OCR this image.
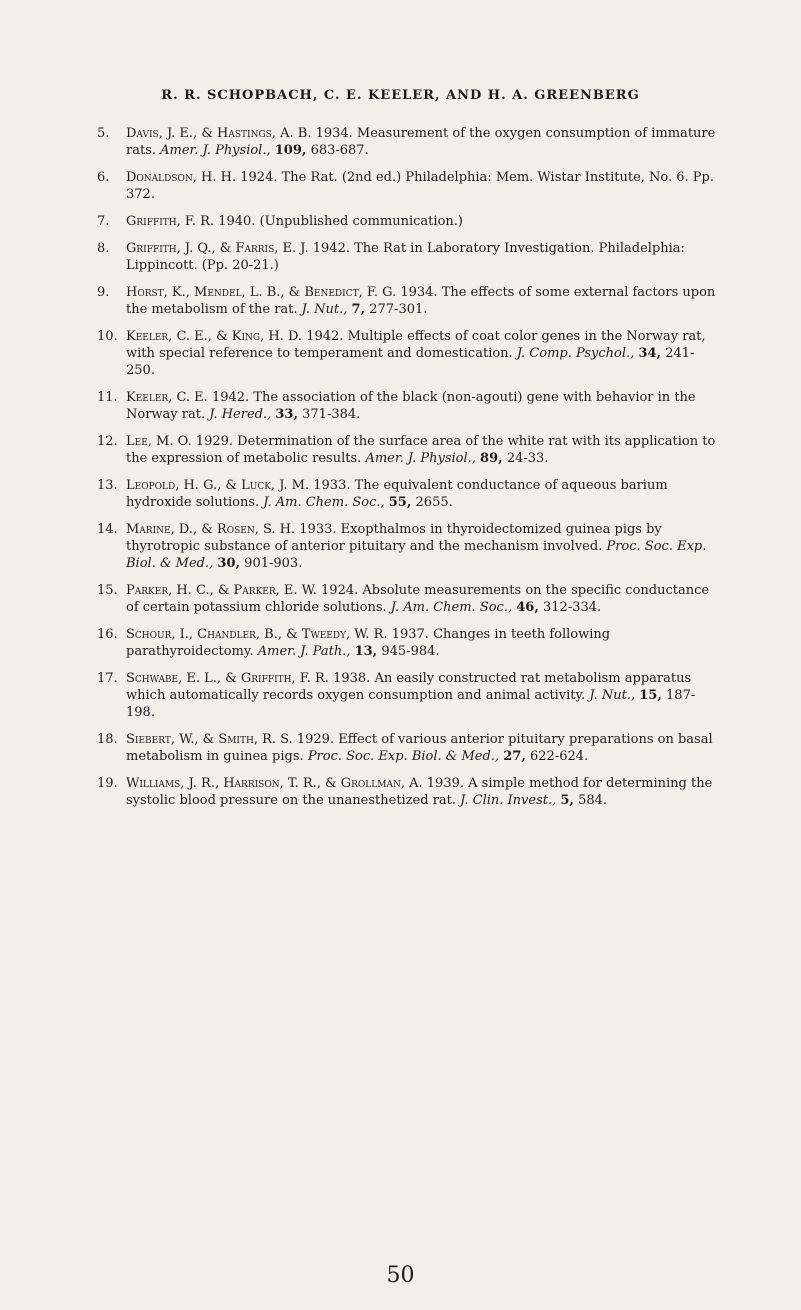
R. R. SCHOPBACH, C. E. KEELER, AND H. A. GREENBERG
5.	Davis, J. E., & Hastings, A. B. 1934. Measurement of the oxygen consumption of immature rats. Amer. J. Physiol., 109, 683-687.
6.	Donaldson, H. H. 1924. The Rat. (2nd ed.) Philadelphia: Mem. Wistar Institute, No. 6. Pp. 372.
7.	Griffith, F. R. 1940. (Unpublished communication.)
8.	Griffith, J. Q., & Farris, E. J. 1942. The Rat in Laboratory Investigation. Philadelphia: Lippincott. (Pp. 20-21.)
9.	Horst, K., Mendel, L. B., & Benedict, F. G. 1934. The effects of some external factors upon the metabolism of the rat. J. Nut., 7, 277-301.
10. Keeler, C. E., & King, H. D. 1942. Multiple effects of coat color genes in the Norway rat, with special reference to temperament and domestication. J. Comp. Psychol., 34, 241-250.
11. Keeler, C. E. 1942. The association of the black (non-agouti) gene with behavior in the Norway rat. J. Hered., 33, 371-384.
12. Lee, M. O. 1929. Determination of the surface area of the white rat with its application to the expression of metabolic results. Amer. J. Physiol., 89, 24-33.
13. Leopold, H. G., & Luck, J. M. 1933. The equivalent conductance of aqueous barium hydroxide solutions. J. Am. Chem. Soc., 55, 2655.
14. Marine, D., & Rosen, S. H. 1933. Exopthalmos in thyroidectomized guinea pigs by thyrotropic substance of anterior pituitary and the mechanism involved. Proc. Soc. Exp. Biol. & Med., 30, 901-903.
15. Parker, H. C., & Parker, E. W. 1924. Absolute measurements on the specific conductance of certain potassium chloride solutions. J. Am. Chem. Soc., 46, 312-334.
16. Schour, I., Chandler, B., & Tweedy, W. R. 1937. Changes in teeth following parathyroidectomy. Amer. J. Path., 13, 945-984.
17. Schwabe, E. L., & Griffith, F. R. 1938. An easily constructed rat metabolism apparatus which automatically records oxygen consumption and animal activity. J. Nut., 15, 187-198.
18. Siebert, W., & Smith, R. S. 1929. Effect of various anterior pituitary preparations on basal metabolism in guinea pigs. Proc. Soc. Exp. Biol. & Med., 27, 622-624.
19. Williams, J. R., Harrison, T. R., & Grollman, A. 1939. A simple method for determining the systolic blood pressure on the unanesthetized rat. J. Clin. Invest., 5, 584.
50
